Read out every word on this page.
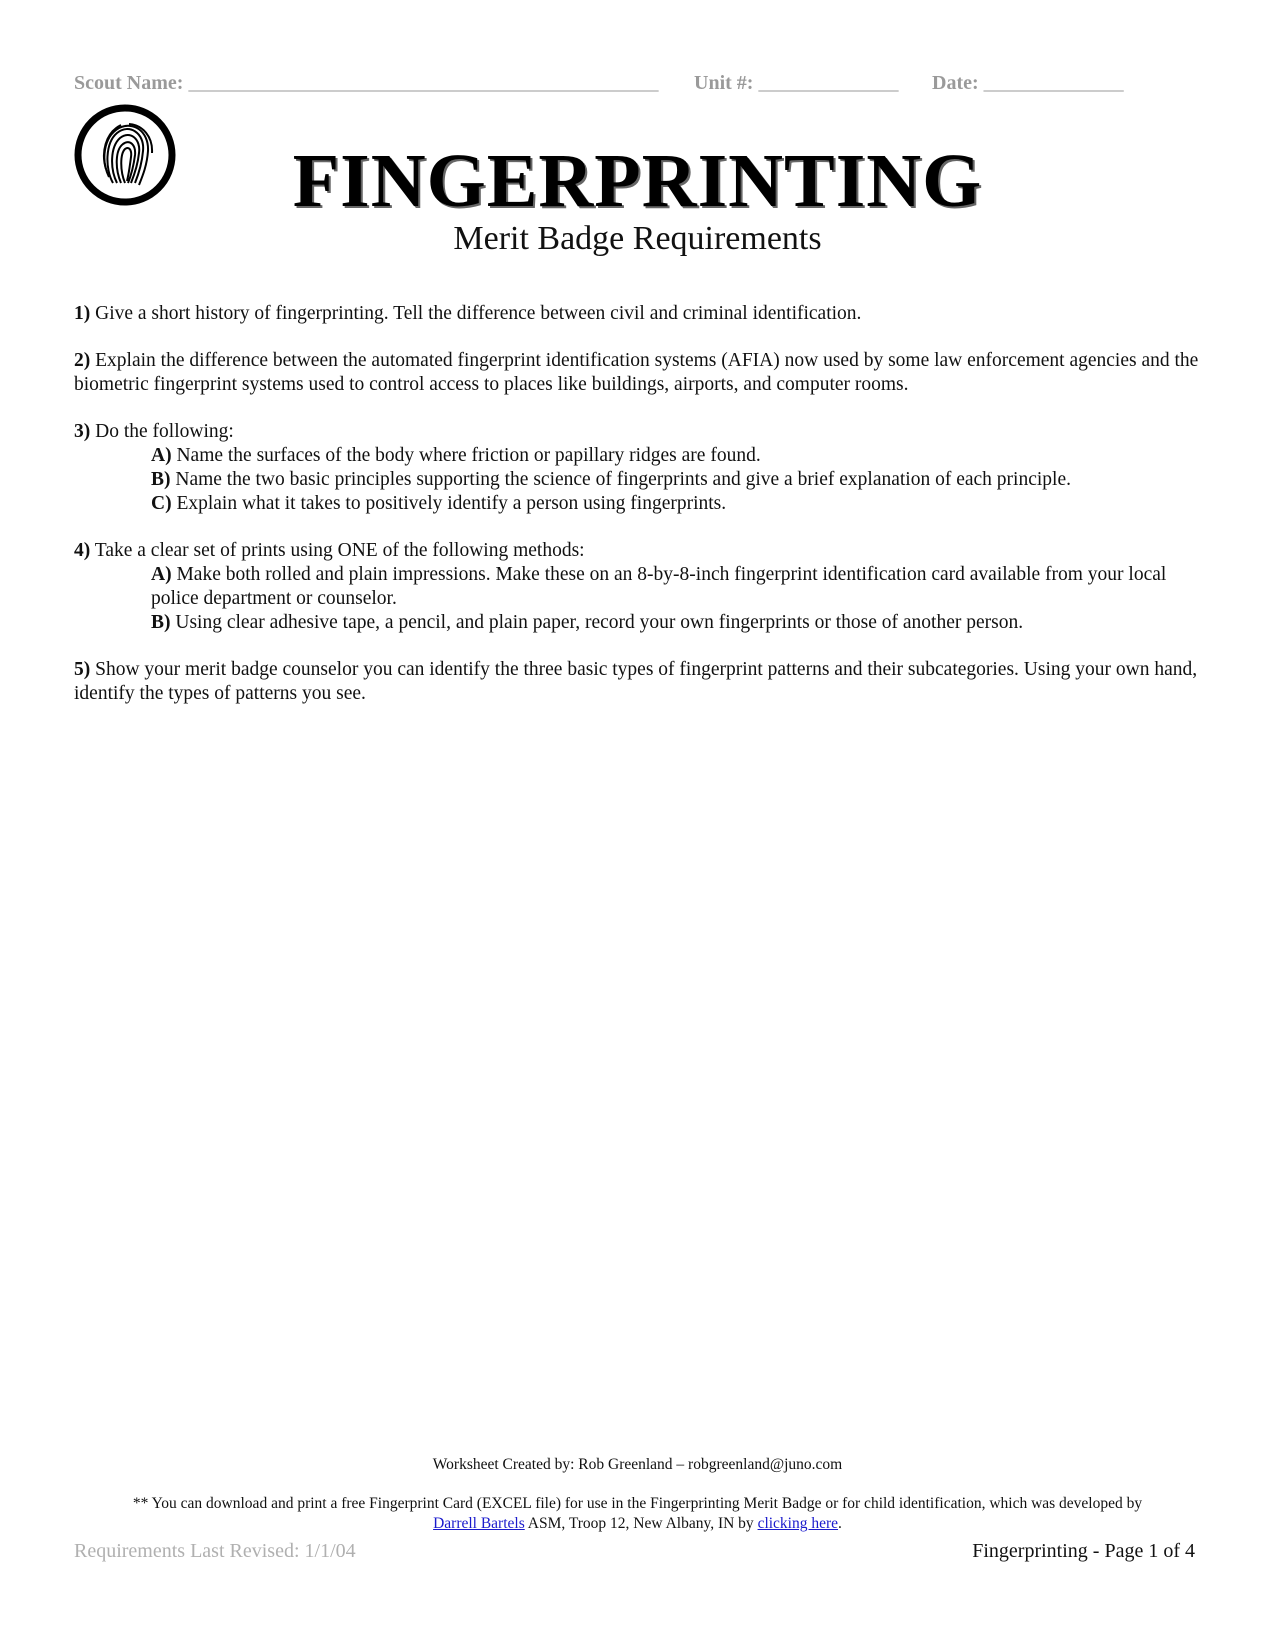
Scout Name: _______________________________________________ Unit #: ______________ Date: ______________
FINGERPRINTING
Merit Badge Requirements
1) Give a short history of fingerprinting. Tell the difference between civil and criminal identification.
2) Explain the difference between the automated fingerprint identification systems (AFIA) now used by some law enforcement agencies and the biometric fingerprint systems used to control access to places like buildings, airports, and computer rooms.
3) Do the following:
A) Name the surfaces of the body where friction or papillary ridges are found.
B) Name the two basic principles supporting the science of fingerprints and give a brief explanation of each principle.
C) Explain what it takes to positively identify a person using fingerprints.
4) Take a clear set of prints using ONE of the following methods:
A) Make both rolled and plain impressions. Make these on an 8-by-8-inch fingerprint identification card available from your local police department or counselor.
B) Using clear adhesive tape, a pencil, and plain paper, record your own fingerprints or those of another person.
5) Show your merit badge counselor you can identify the three basic types of fingerprint patterns and their subcategories. Using your own hand, identify the types of patterns you see.
Worksheet Created by: Rob Greenland – robgreenland@juno.com
** You can download and print a free Fingerprint Card (EXCEL file) for use in the Fingerprinting Merit Badge or for child identification, which was developed by
Darrell Bartels ASM, Troop 12, New Albany, IN by clicking here.
Requirements Last Revised: 1/1/04	Fingerprinting - Page 1 of 4
